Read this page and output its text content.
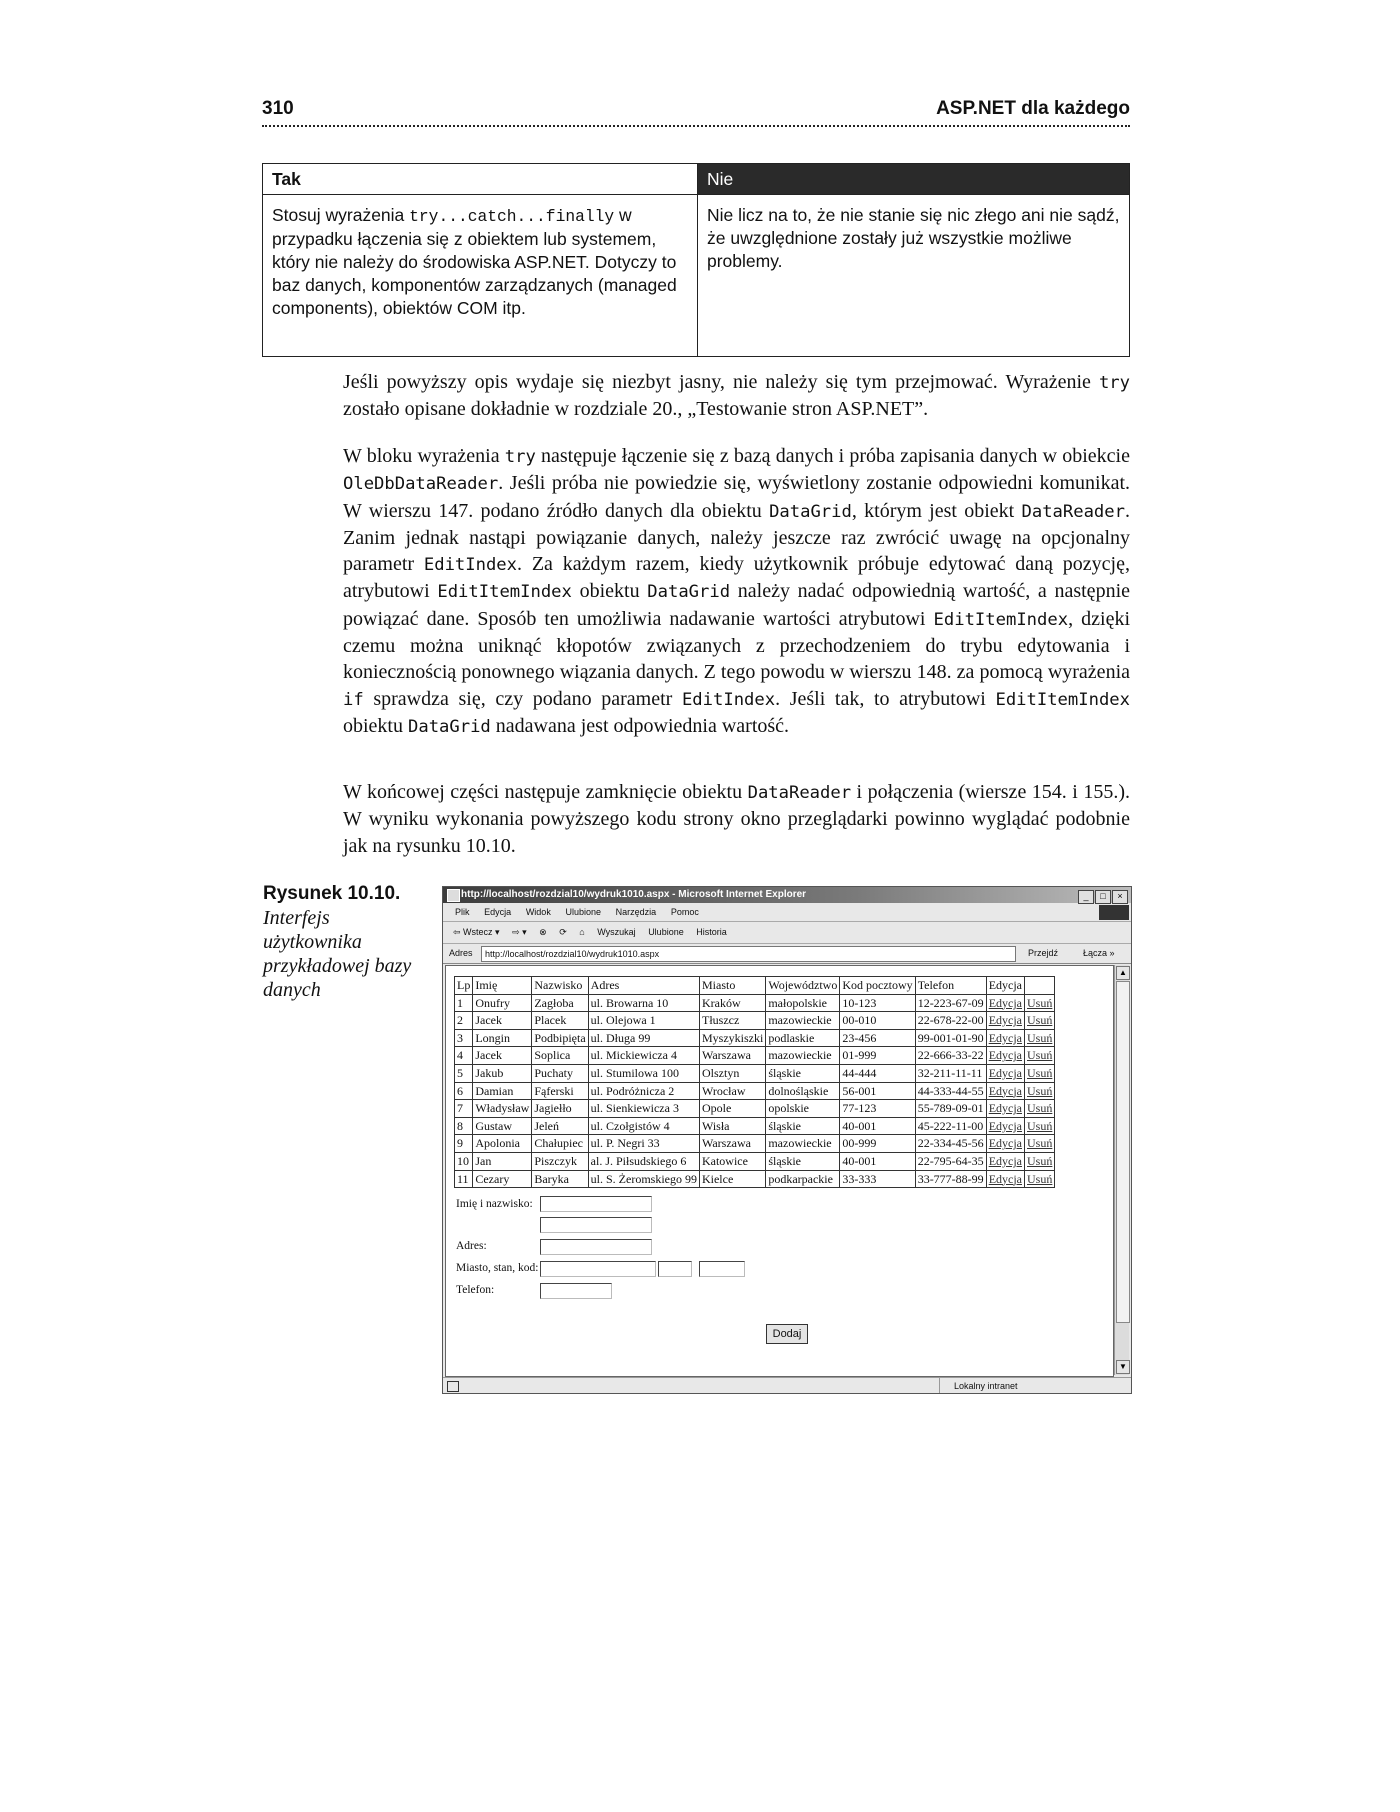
310	ASP.NET dla każdego
Tak	Nie
Stosuj wyrażenia try...catch...finally w przypadku łączenia się z obiektem lub systemem, który nie należy do środowiska ASP.NET. Dotyczy to baz danych, komponentów zarządzanych (managed components), obiektów COM itp.	Nie licz na to, że nie stanie się nic złego ani nie sądź, że uwzględnione zostały już wszystkie możliwe problemy.

Jeśli powyższy opis wydaje się niezbyt jasny, nie należy się tym przejmować. Wyrażenie try zostało opisane dokładnie w rozdziale 20., „Testowanie stron ASP.NET”.

W bloku wyrażenia try następuje łączenie się z bazą danych i próba zapisania danych w obiekcie OleDbDataReader. Jeśli próba nie powiedzie się, wyświetlony zostanie odpowiedni komunikat. W wierszu 147. podano źródło danych dla obiektu DataGrid, którym jest obiekt DataReader. Zanim jednak nastąpi powiązanie danych, należy jeszcze raz zwrócić uwagę na opcjonalny parametr EditIndex. Za każdym razem, kiedy użytkownik próbuje edytować daną pozycję, atrybutowi EditItemIndex obiektu DataGrid należy nadać odpowiednią wartość, a następnie powiązać dane. Sposób ten umożliwia nadawanie wartości atrybutowi EditItemIndex, dzięki czemu można uniknąć kłopotów związanych z przechodzeniem do trybu edytowania i koniecznością ponownego wiązania danych. Z tego powodu w wierszu 148. za pomocą wyrażenia if sprawdza się, czy podano parametr EditIndex. Jeśli tak, to atrybutowi EditItemIndex obiektu DataGrid nadawana jest odpowiednia wartość.

W końcowej części następuje zamknięcie obiektu DataReader i połączenia (wiersze 154. i 155.). W wyniku wykonania powyższego kodu strony okno przeglądarki powinno wyglądać podobnie jak na rysunku 10.10.

Rysunek 10.10.
Interfejs użytkownika przykładowej bazy danych
http://localhost/rozdzial10/wydruk1010.aspx - Microsoft Internet Explorer	_ □ ×
Plik Edycja Widok Ulubione Narzędzia Pomoc
⇦ Wstecz ▾ ⇨ ▾ ⊗ ⟳ ⌂ Wyszukaj Ulubione Historia
Adres	http://localhost/rozdzial10/wydruk1010.aspx	Przejdź	Łącza »
Lp	Imię	Nazwisko	Adres	Miasto	Województwo	Kod pocztowy	Telefon	Edycja	
1	Onufry	Zagłoba	ul. Browarna 10	Kraków	małopolskie	10-123	12-223-67-09	Edycja	Usuń
2	Jacek	Placek	ul. Olejowa 1	Tłuszcz	mazowieckie	00-010	22-678-22-00	Edycja	Usuń
3	Longin	Podbipięta	ul. Długa 99	Myszykiszki	podlaskie	23-456	99-001-01-90	Edycja	Usuń
4	Jacek	Soplica	ul. Mickiewicza 4	Warszawa	mazowieckie	01-999	22-666-33-22	Edycja	Usuń
5	Jakub	Puchaty	ul. Stumilowa 100	Olsztyn	śląskie	44-444	32-211-11-11	Edycja	Usuń
6	Damian	Fąferski	ul. Podróżnicza 2	Wrocław	dolnośląskie	56-001	44-333-44-55	Edycja	Usuń
7	Władysław	Jagiełło	ul. Sienkiewicza 3	Opole	opolskie	77-123	55-789-09-01	Edycja	Usuń
8	Gustaw	Jeleń	ul. Czołgistów 4	Wisła	śląskie	40-001	45-222-11-00	Edycja	Usuń
9	Apolonia	Chałupiec	ul. P. Negri 33	Warszawa	mazowieckie	00-999	22-334-45-56	Edycja	Usuń
10	Jan	Piszczyk	al. J. Piłsudskiego 6	Katowice	śląskie	40-001	22-795-64-35	Edycja	Usuń
11	Cezary	Baryka	ul. S. Żeromskiego 99	Kielce	podkarpackie	33-333	33-777-88-99	Edycja	Usuń
Imię i nazwisko:
Adres:
Miasto, stan, kod:
Telefon:
Dodaj
▲
▼
Lokalny intranet
